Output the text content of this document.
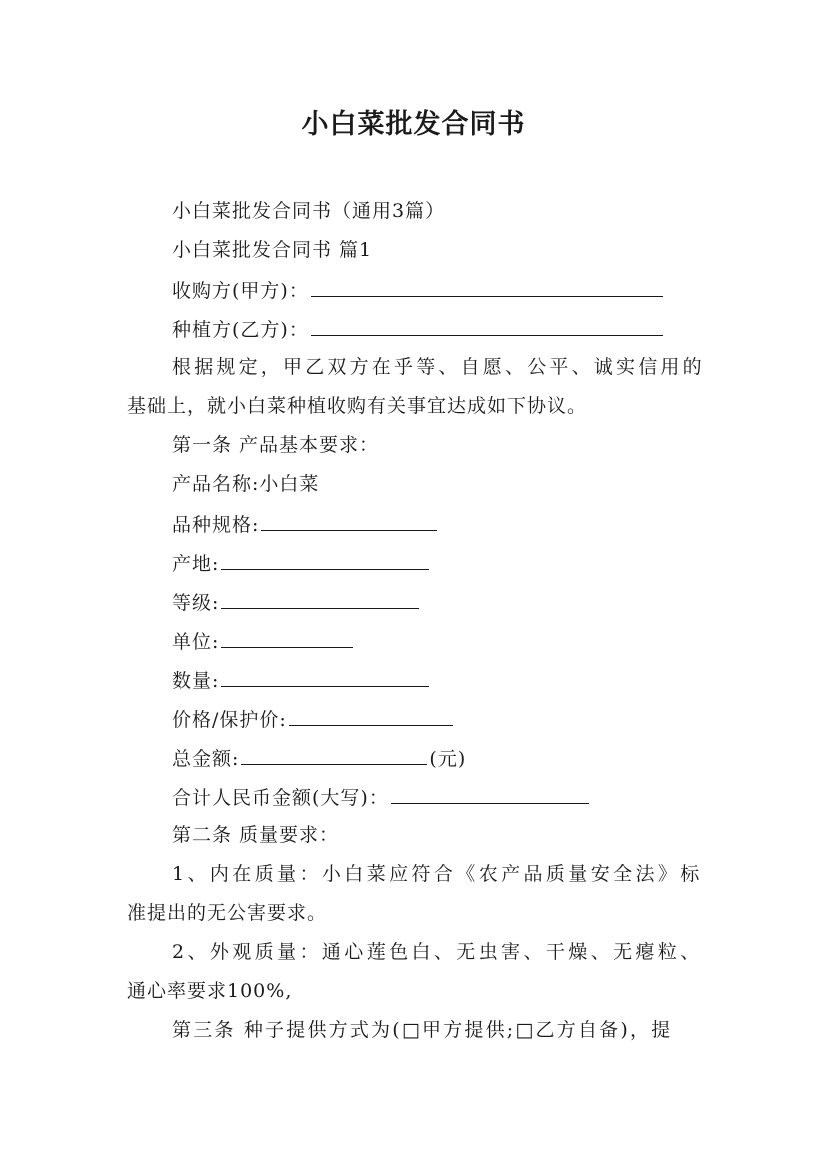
小白菜批发合同书
小白菜批发合同书（通用3篇）
小白菜批发合同书 篇1
收购方(甲方)：
种植方(乙方)：
根据规定，甲乙双方在乎等、自愿、公平、诚实信用的
基础上，就小白菜种植收购有关事宜达成如下协议。
第一条 产品基本要求：
产品名称:小白菜
品种规格:
产地:
等级:
单位:
数量:
价格/保护价:
总金额:	(元)
合计人民币金额(大写)：
第二条 质量要求：
1、内在质量：小白菜应符合《农产品质量安全法》标
准提出的无公害要求。
2、外观质量：通心莲色白、无虫害、干燥、无瘪粒、
通心率要求100%,
第三条 种子提供方式为(□甲方提供;□乙方自备)，提
